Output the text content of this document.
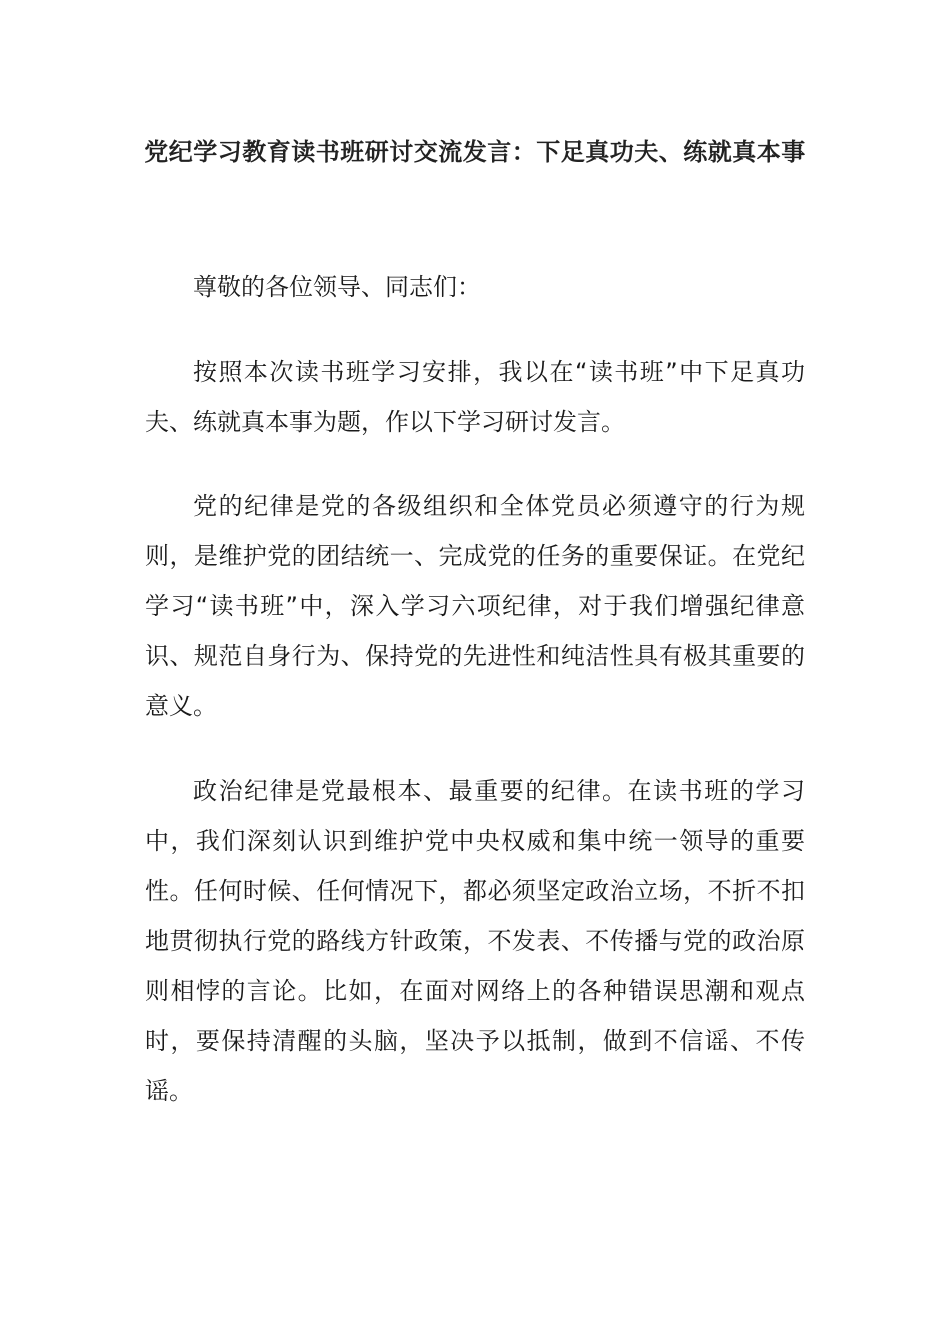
党纪学习教育读书班研讨交流发言：下足真功夫、练就真本事

尊敬的各位领导、同志们：

按照本次读书班学习安排，我以在“读书班”中下足真功夫、练就真本事为题，作以下学习研讨发言。

党的纪律是党的各级组织和全体党员必须遵守的行为规则，是维护党的团结统一、完成党的任务的重要保证。在党纪学习“读书班”中，深入学习六项纪律，对于我们增强纪律意识、规范自身行为、保持党的先进性和纯洁性具有极其重要的意义。

政治纪律是党最根本、最重要的纪律。在读书班的学习中，我们深刻认识到维护党中央权威和集中统一领导的重要性。任何时候、任何情况下，都必须坚定政治立场，不折不扣地贯彻执行党的路线方针政策，不发表、不传播与党的政治原则相悖的言论。比如，在面对网络上的各种错误思潮和观点时，要保持清醒的头脑，坚决予以抵制，做到不信谣、不传谣。
